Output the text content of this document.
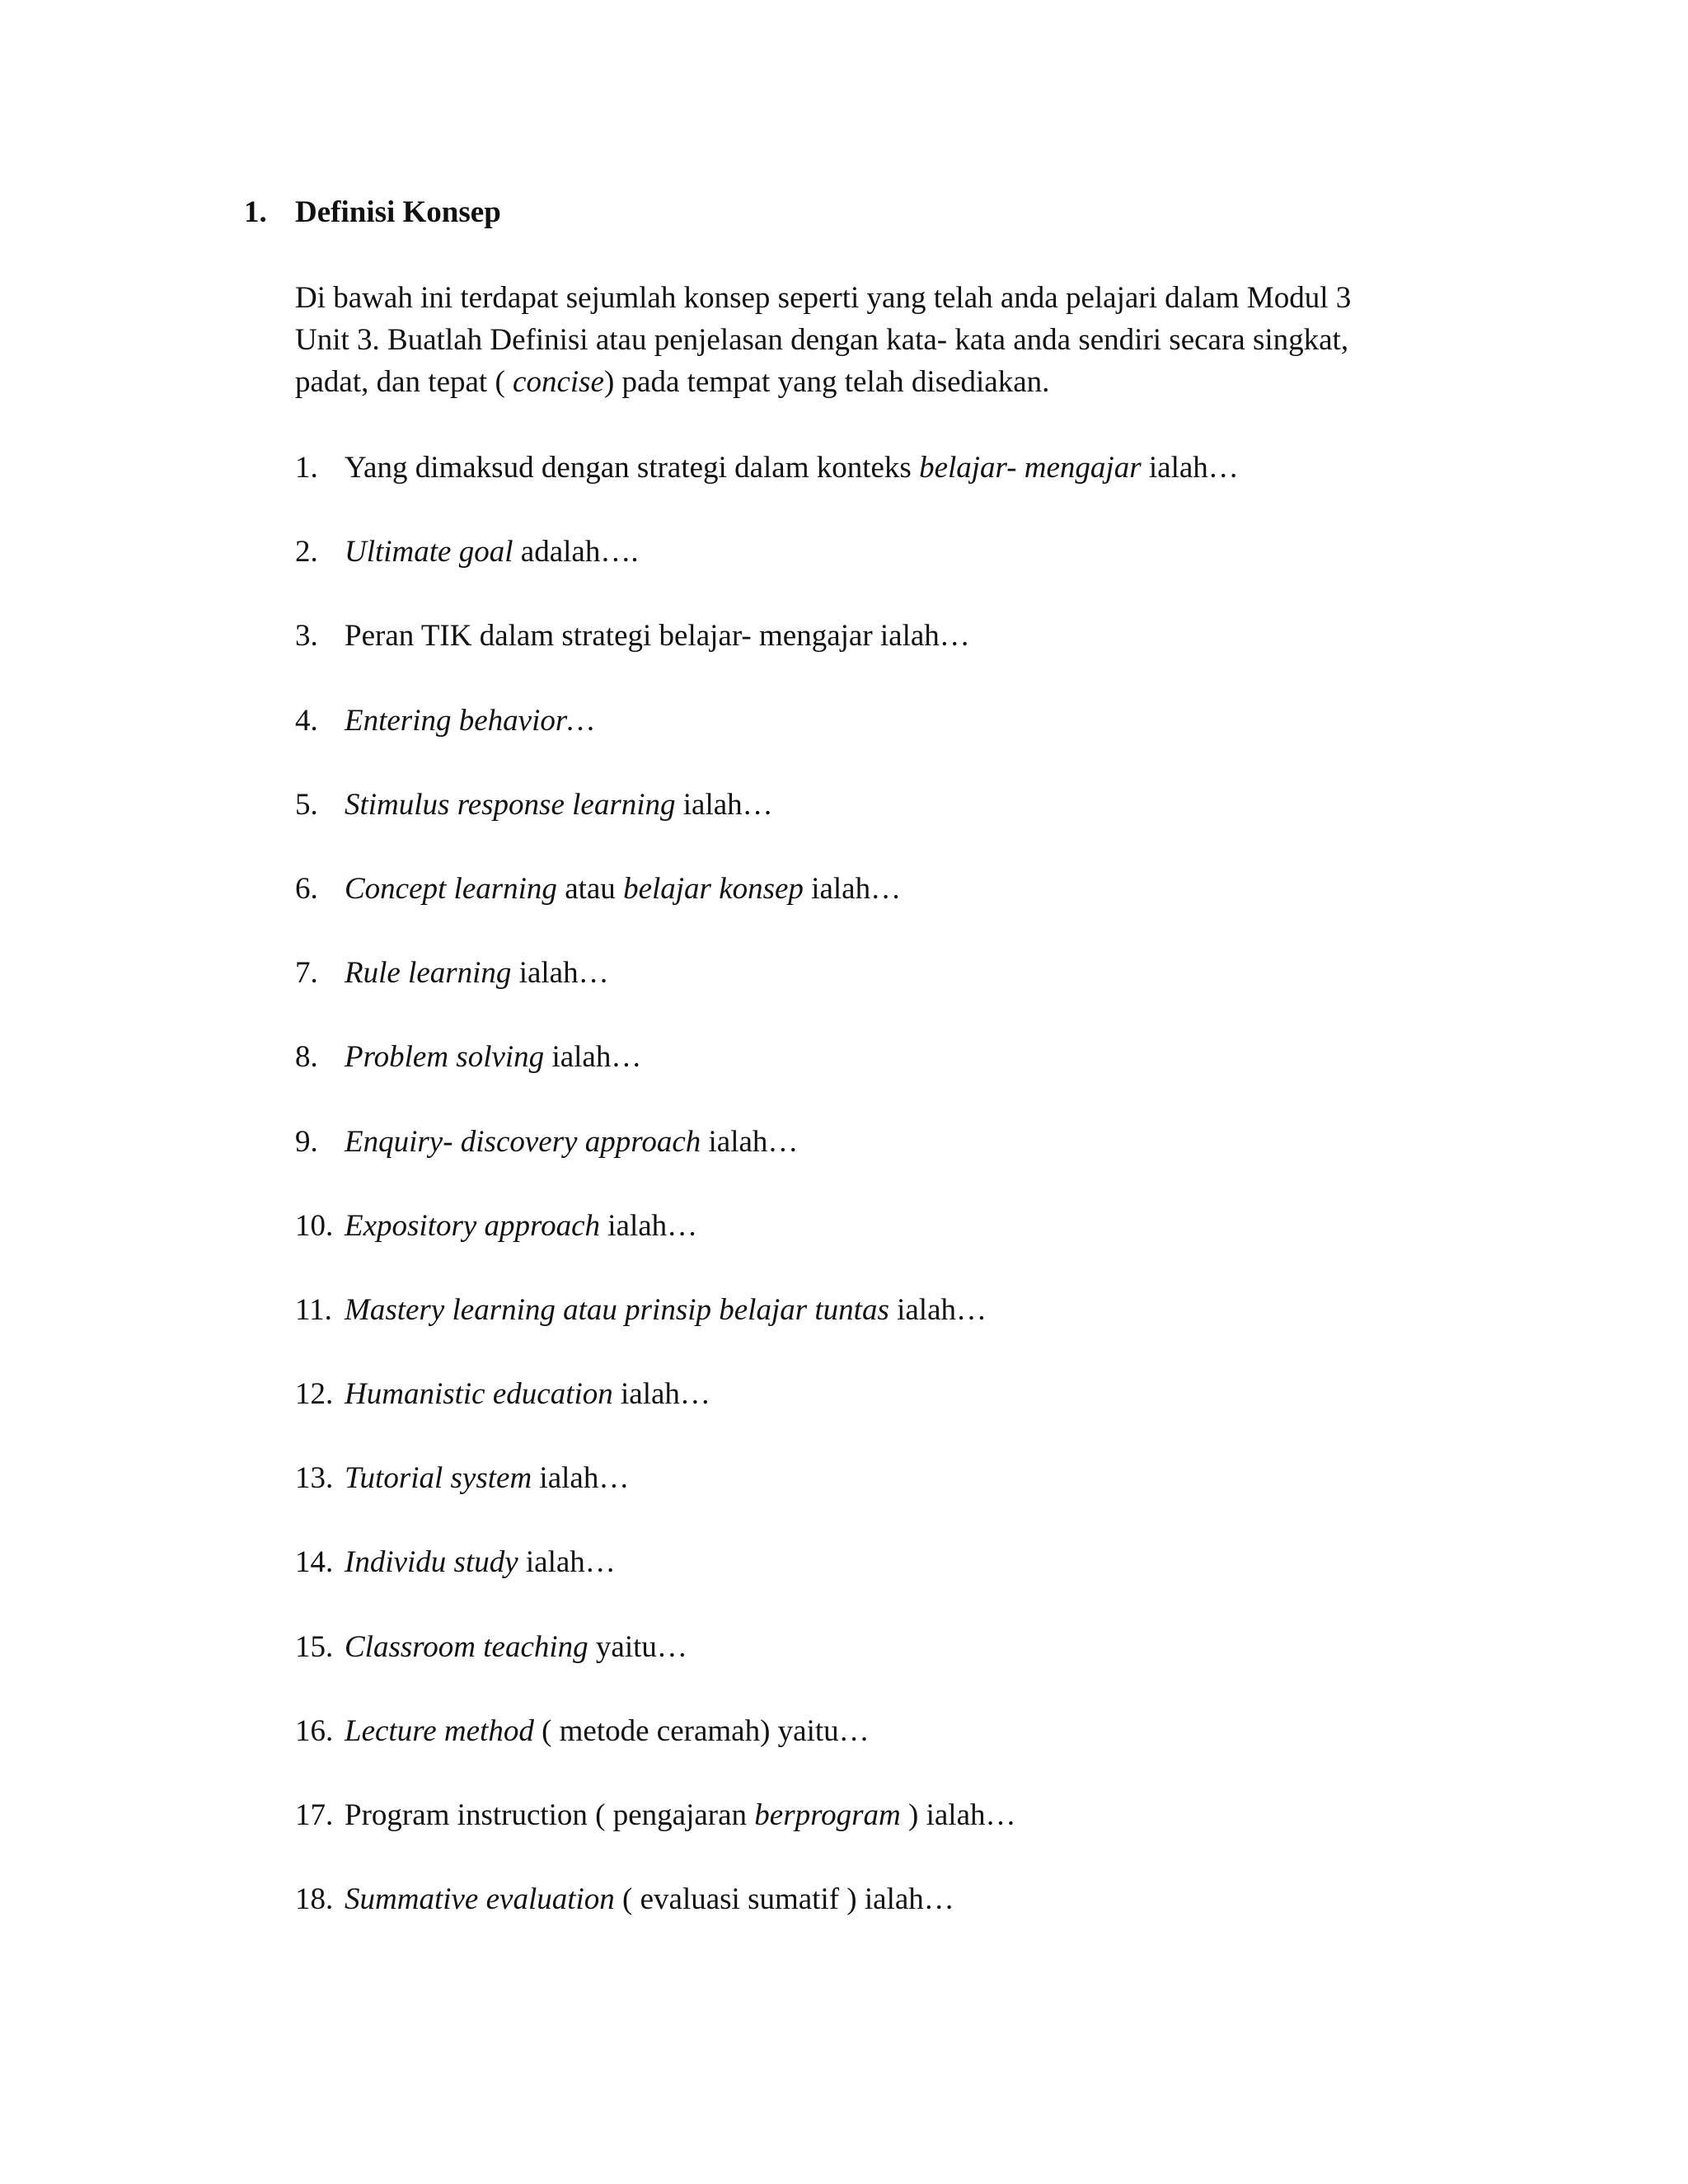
1. Definisi Konsep

Di bawah ini terdapat sejumlah konsep seperti yang telah anda pelajari dalam Modul 3
Unit 3. Buatlah Definisi atau penjelasan dengan kata- kata anda sendiri secara singkat,
padat, dan tepat ( concise) pada tempat yang telah disediakan.

1. Yang dimaksud dengan strategi dalam konteks belajar- mengajar ialah…
2. Ultimate goal adalah….
3. Peran TIK dalam strategi belajar- mengajar ialah…
4. Entering behavior…
5. Stimulus response learning ialah…
6. Concept learning atau belajar konsep ialah…
7. Rule learning ialah…
8. Problem solving ialah…
9. Enquiry- discovery approach ialah…
10. Expository approach ialah…
11. Mastery learning atau prinsip belajar tuntas ialah…
12. Humanistic education ialah…
13. Tutorial system ialah…
14. Individu study ialah…
15. Classroom teaching yaitu…
16. Lecture method ( metode ceramah) yaitu…
17. Program instruction ( pengajaran berprogram ) ialah…
18. Summative evaluation ( evaluasi sumatif ) ialah…
